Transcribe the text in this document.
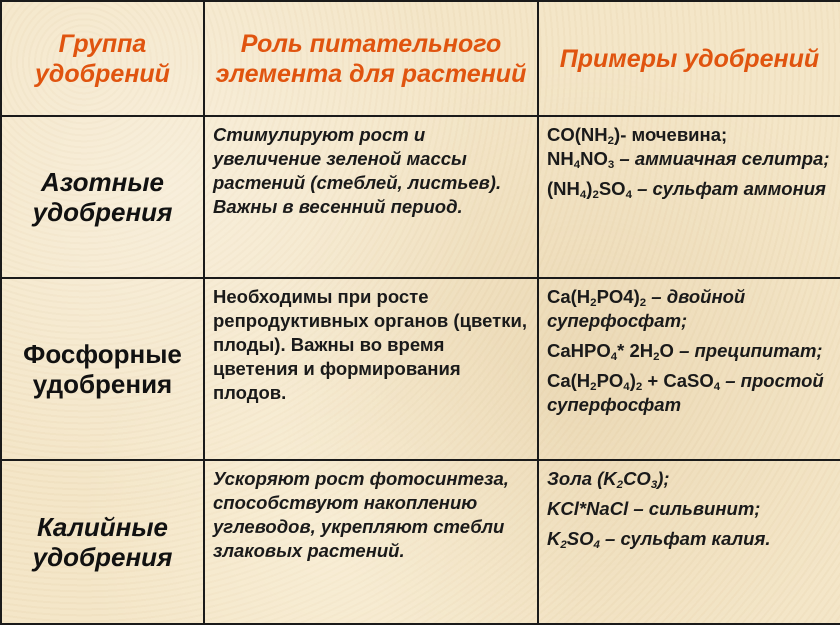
Группа удобрений	Роль питательного элемента для растений	Примеры удобрений
Азотные удобрения	Стимулируют рост и увеличение зеленой массы растений (стеблей, листьев). Важны в весенний период.	$CO(NH_2)-$ мочевина;
$NH_4NO_3$ – аммиачная селитра;

$(NH_4)_2SO_4$ – сульфат аммония

Фосфорные удобрения	Необходимы при росте репродуктивных органов (цветки, плоды). Важны во время цветения и формирования плодов.	$Ca(H_2PO4)_2$ – двойной суперфосфат;

CaHPO$_4$* $2H_2O$ – преципитат;

$Ca(H_2PO_4)_2$ + CaSO$_4$ – простой суперфосфат

Калийные удобрения	Ускоряют рост фотосинтеза, способствуют накоплению углеводов, укрепляют стебли злаковых растений.	Зола $(K_2CO_3)$;

KCl*NaCl – сильвинит;

$K_2SO_4$ – сульфат калия.
